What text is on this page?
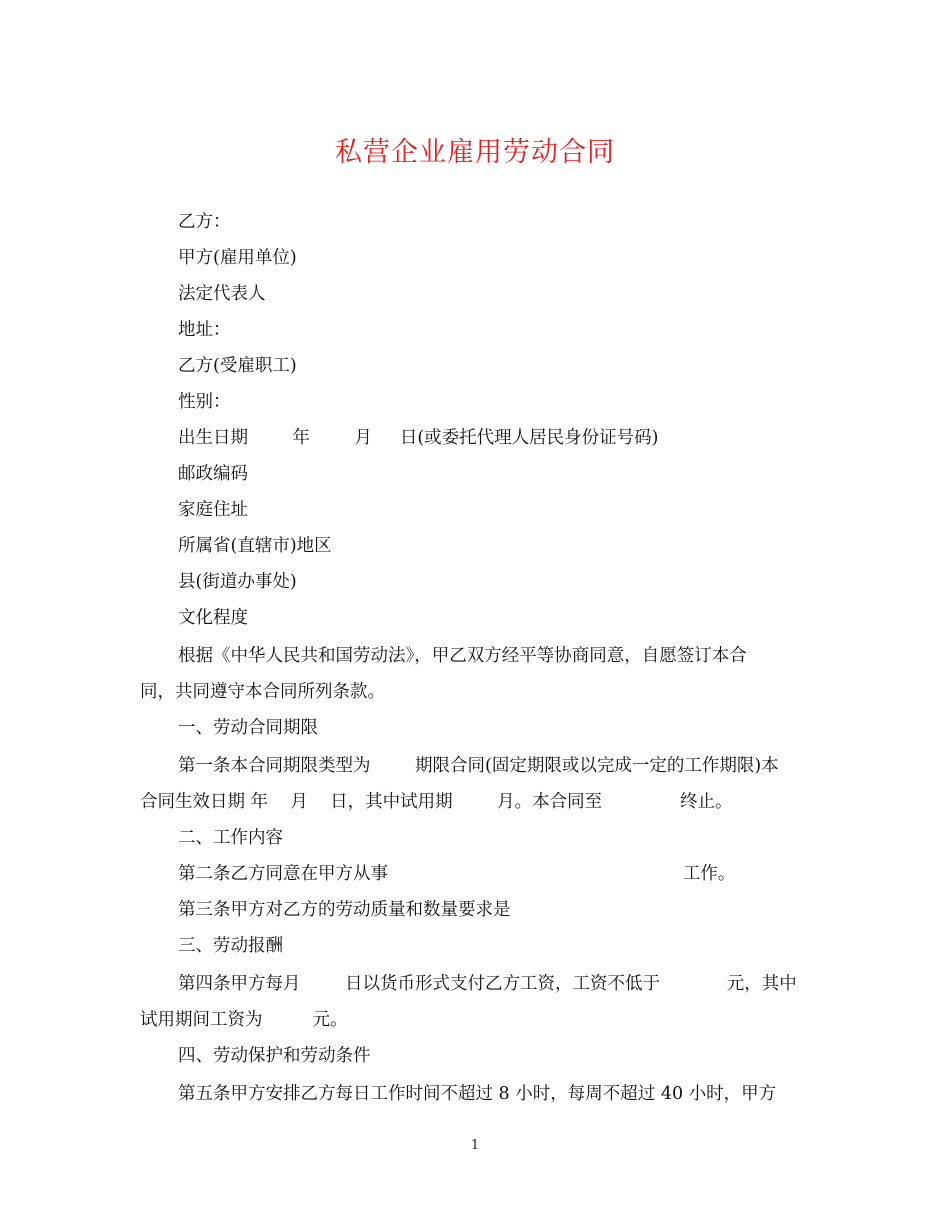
私营企业雇用劳动合同
乙方：
甲方(雇用单位)
法定代表人
地址：
乙方(受雇职工)
性别：
出生日期        年        月     日(或委托代理人居民身份证号码)
邮政编码
家庭住址
所属省(直辖市)地区
县(街道办事处)
文化程度
根据《中华人民共和国劳动法》，甲乙双方经平等协商同意，自愿签订本合
同，共同遵守本合同所列条款。
一、劳动合同期限
第一条本合同期限类型为        期限合同(固定期限或以完成一定的工作期限)本
合同生效日期 年    月    日，其中试用期        月。本合同至              终止。
二、工作内容
第二条乙方同意在甲方从事                                                     工作。
第三条甲方对乙方的劳动质量和数量要求是
三、劳动报酬
第四条甲方每月        日以货币形式支付乙方工资，工资不低于            元，其中
试用期间工资为         元。
四、劳动保护和劳动条件
第五条甲方安排乙方每日工作时间不超过 8 小时，每周不超过 40 小时，甲方
1
